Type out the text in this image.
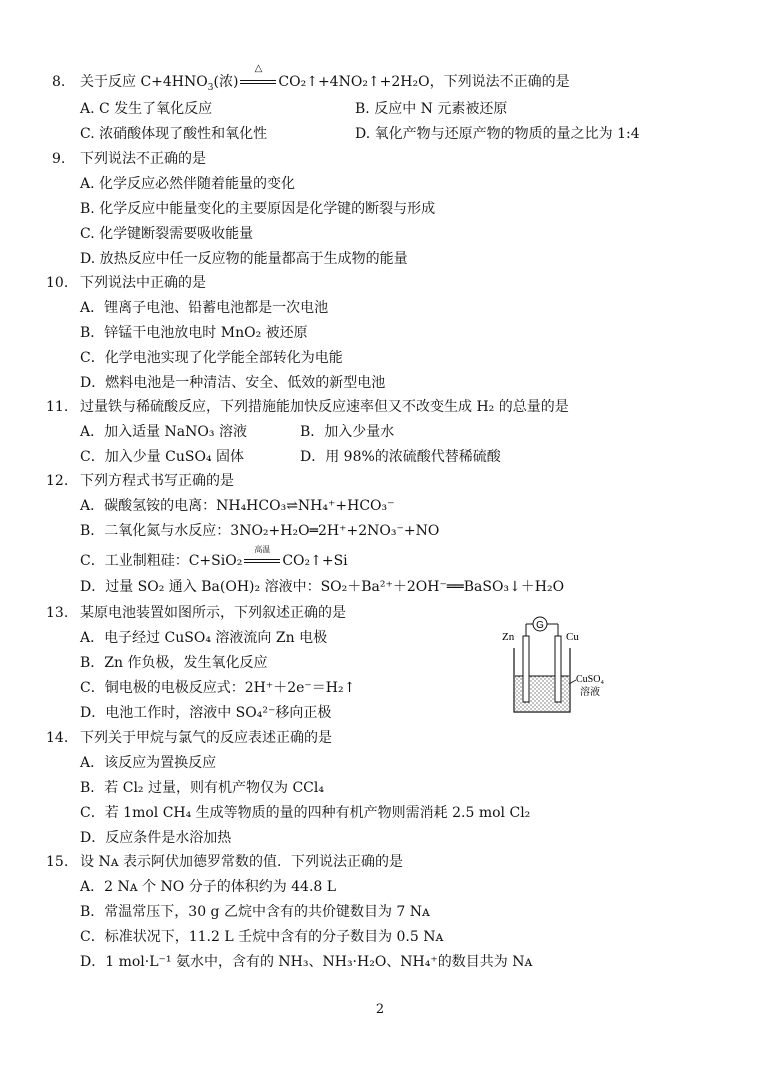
8. 关于反应 $C+4HNO_3$(浓)
△
CO₂↑+4NO₂↑+2H₂O，下列说法不正确的是
A. C 发生了氧化反应	B. 反应中 N 元素被还原
C. 浓硝酸体现了酸性和氧化性	D. 氧化产物与还原产物的物质的量之比为 1:4
9. 下列说法不正确的是
A. 化学反应必然伴随着能量的变化
B. 化学反应中能量变化的主要原因是化学键的断裂与形成
C. 化学键断裂需要吸收能量
D. 放热反应中任一反应物的能量都高于生成物的能量
10. 下列说法中正确的是
A．锂离子电池、铅蓄电池都是一次电池
B．锌锰干电池放电时 MnO₂ 被还原
C．化学电池实现了化学能全部转化为电能
D．燃料电池是一种清洁、安全、低效的新型电池
11. 过量铁与稀硫酸反应，下列措施能加快反应速率但又不改变生成 H₂ 的总量的是
A．加入适量 NaNO₃ 溶液	B．加入少量水
C．加入少量 CuSO₄ 固体	D．用 98%的浓硫酸代替稀硫酸
12. 下列方程式书写正确的是
A．碳酸氢铵的电离：NH₄HCO₃⇌NH₄⁺+HCO₃⁻
B．二氧化氮与水反应：3NO₂+H₂O═2H⁺+2NO₃⁻+NO
C．工业制粗硅：C+SiO₂
高温
CO₂↑+Si
D．过量 SO₂ 通入 Ba(OH)₂ 溶液中：SO₂＋Ba²⁺＋2OH⁻══BaSO₃↓＋H₂O
13. 某原电池装置如图所示，下列叙述正确的是
A．电子经过 CuSO₄ 溶液流向 Zn 电极
B．Zn 作负极，发生氧化反应
C．铜电极的电极反应式：2H⁺＋2e⁻＝H₂↑
D．电池工作时，溶液中 SO₄²⁻移向正极
G
Zn	Cu
CuSO₄
溶液
14. 下列关于甲烷与氯气的反应表述正确的是
A．该反应为置换反应
B．若 Cl₂ 过量，则有机产物仅为 CCl₄
C．若 1mol CH₄ 生成等物质的量的四种有机产物则需消耗 2.5 mol Cl₂
D．反应条件是水浴加热
15. 设 Nᴀ 表示阿伏加德罗常数的值．下列说法正确的是
A．2 Nᴀ 个 NO 分子的体积约为 44.8 L
B．常温常压下，30 g 乙烷中含有的共价键数目为 7 Nᴀ
C．标准状况下，11.2 L 壬烷中含有的分子数目为 0.5 Nᴀ
D．1 mol·L⁻¹ 氨水中，含有的 NH₃、NH₃·H₂O、NH₄⁺的数目共为 Nᴀ
2
